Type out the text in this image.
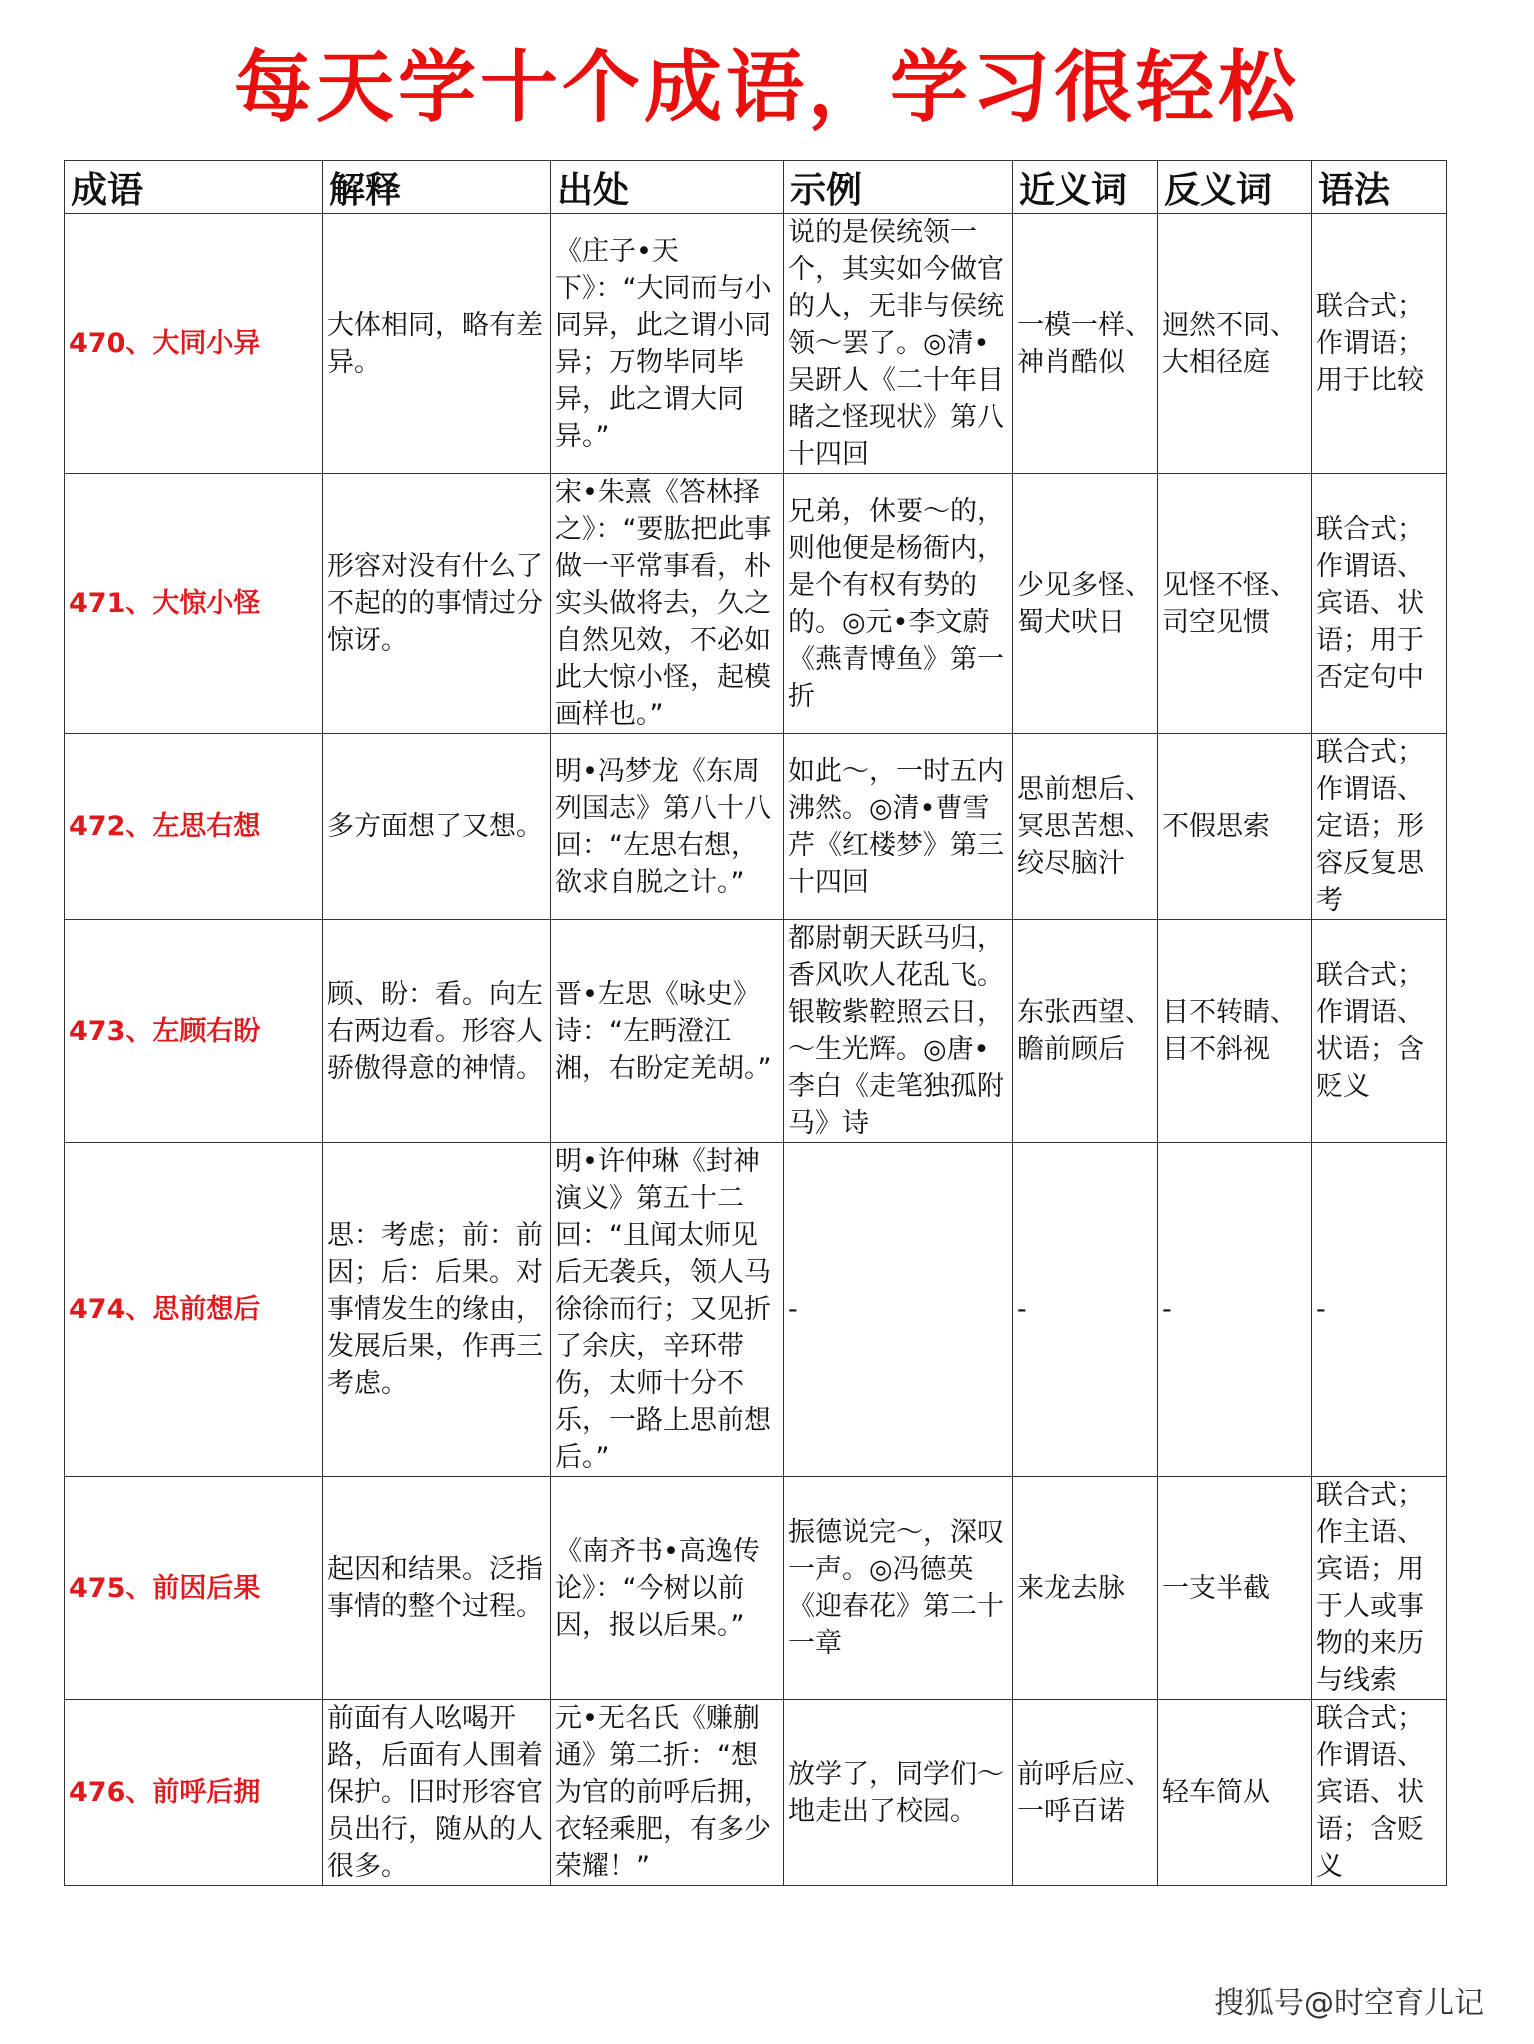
每天学十个成语，学习很轻松
成语	解释	出处	示例	近义词	反义词	语法
470、大同小异	大体相同，略有差异。	《庄子•天下》：“大同而与小同异，此之谓小同异；万物毕同毕异，此之谓大同异。”	说的是侯统领一个，其实如今做官的人，无非与侯统领～罢了。◎清•吴趼人《二十年目睹之怪现状》第八十四回	一模一样、神肖酷似	迥然不同、大相径庭	联合式；作谓语；用于比较
471、大惊小怪	形容对没有什么了不起的的事情过分惊讶。	宋•朱熹《答林择之》：“要肱把此事做一平常事看，朴实头做将去，久之自然见效，不必如此大惊小怪，起模画样也。”	兄弟，休要～的，则他便是杨衙内，是个有权有势的的。◎元•李文蔚《燕青博鱼》第一折	少见多怪、蜀犬吠日	见怪不怪、司空见惯	联合式；作谓语、宾语、状语；用于否定句中
472、左思右想	多方面想了又想。	明•冯梦龙《东周列国志》第八十八回：“左思右想，欲求自脱之计。”	如此～，一时五内沸然。◎清•曹雪芹《红楼梦》第三十四回	思前想后、冥思苦想、绞尽脑汁	不假思索	联合式；作谓语、定语；形容反复思考
473、左顾右盼	顾、盼：看。向左右两边看。形容人骄傲得意的神情。	晋•左思《咏史》诗：“左眄澄江湘，右盼定羌胡。”	都尉朝天跃马归，香风吹人花乱飞。银鞍紫鞚照云日，～生光辉。◎唐•李白《走笔独孤附马》诗	东张西望、瞻前顾后	目不转睛、目不斜视	联合式；作谓语、状语；含贬义
474、思前想后	思：考虑；前：前因；后：后果。对事情发生的缘由，发展后果，作再三考虑。	明•许仲琳《封神演义》第五十二回：“且闻太师见后无袭兵，领人马徐徐而行；又见折了余庆，辛环带伤，太师十分不乐，一路上思前想后。”	-	-	-	-
475、前因后果	起因和结果。泛指事情的整个过程。	《南齐书•高逸传论》：“今树以前因，报以后果。”	振德说完～，深叹一声。◎冯德英《迎春花》第二十一章	来龙去脉	一支半截	联合式；作主语、宾语；用于人或事物的来历与线索
476、前呼后拥	前面有人吆喝开路，后面有人围着保护。旧时形容官员出行，随从的人很多。	元•无名氏《赚蒯通》第二折：“想为官的前呼后拥，衣轻乘肥，有多少荣耀！”	放学了，同学们～地走出了校园。	前呼后应、一呼百诺	轻车简从	联合式；作谓语、宾语、状语；含贬义
搜狐号@时空育儿记
